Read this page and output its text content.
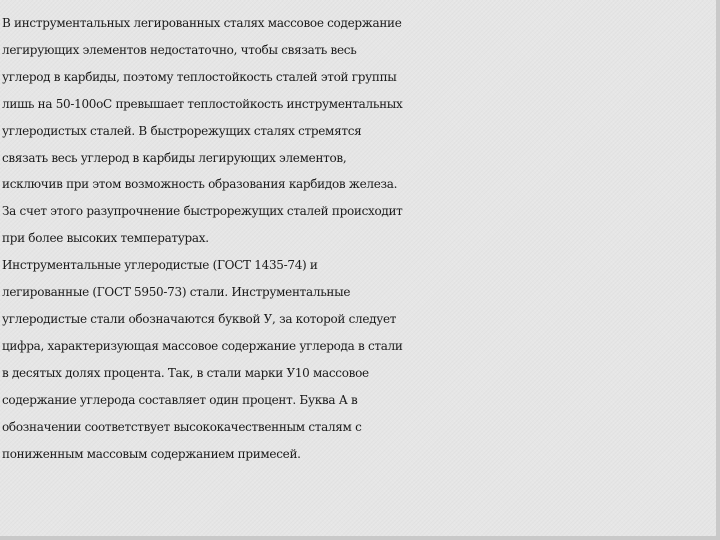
В инструментальных легированных сталях массовое содержание
легирующих элементов недостаточно, чтобы связать весь
углерод в карбиды, поэтому теплостойкость сталей этой группы
лишь на 50-100оС превышает теплостойкость инструментальных
углеродистых сталей. В быстрорежущих сталях стремятся
связать весь углерод в карбиды легирующих элементов,
исключив при этом возможность образования карбидов железа.
За счет этого разупрочнение быстрорежущих сталей происходит
при более высоких температурах.
Инструментальные углеродистые (ГОСТ 1435-74) и
легированные (ГОСТ 5950-73) стали. Инструментальные
углеродистые стали обозначаются буквой У, за которой следует
цифра, характеризующая массовое содержание углерода в стали
в десятых долях процента. Так, в стали марки У10 массовое
содержание углерода составляет один процент. Буква А в
обозначении соответствует высококачественным сталям с
пониженным массовым содержанием примесей.
